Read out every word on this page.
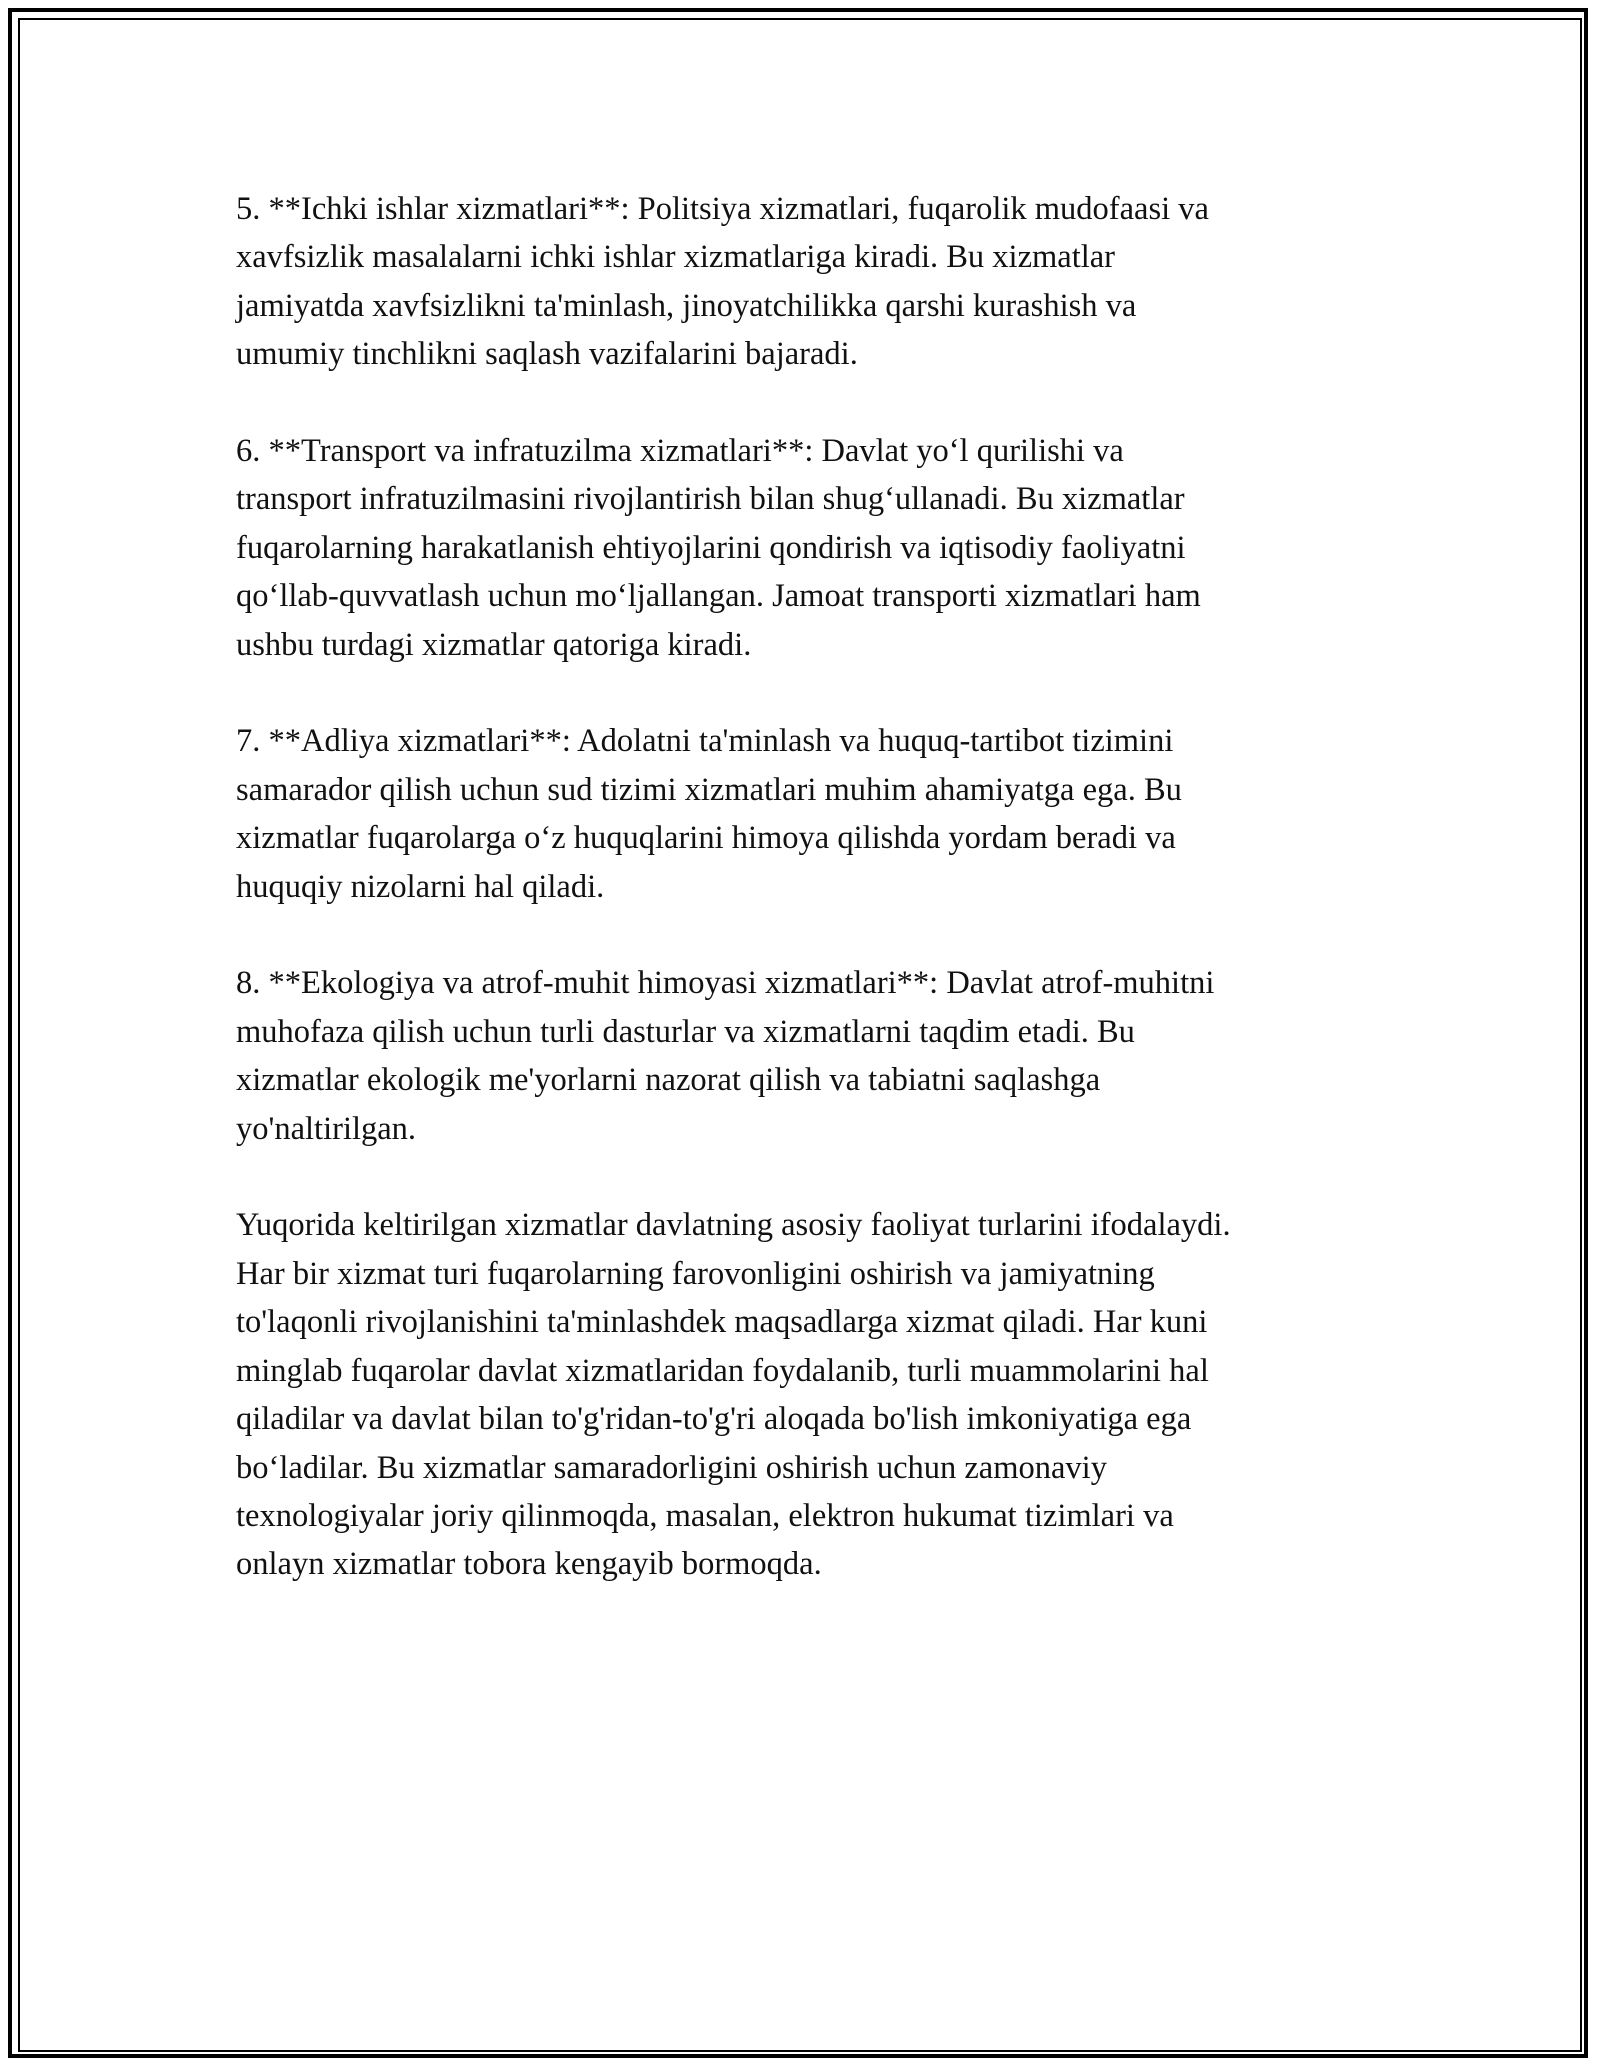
5. **Ichki ishlar xizmatlari**: Politsiya xizmatlari, fuqarolik mudofaasi va
xavfsizlik masalalarni ichki ishlar xizmatlariga kiradi. Bu xizmatlar
jamiyatda xavfsizlikni ta'minlash, jinoyatchilikka qarshi kurashish va
umumiy tinchlikni saqlash vazifalarini bajaradi.

6. **Transport va infratuzilma xizmatlari**: Davlat yo‘l qurilishi va
transport infratuzilmasini rivojlantirish bilan shug‘ullanadi. Bu xizmatlar
fuqarolarning harakatlanish ehtiyojlarini qondirish va iqtisodiy faoliyatni
qo‘llab-quvvatlash uchun mo‘ljallangan. Jamoat transporti xizmatlari ham
ushbu turdagi xizmatlar qatoriga kiradi.

7. **Adliya xizmatlari**: Adolatni ta'minlash va huquq-tartibot tizimini
samarador qilish uchun sud tizimi xizmatlari muhim ahamiyatga ega. Bu
xizmatlar fuqarolarga o‘z huquqlarini himoya qilishda yordam beradi va
huquqiy nizolarni hal qiladi.

8. **Ekologiya va atrof-muhit himoyasi xizmatlari**: Davlat atrof-muhitni
muhofaza qilish uchun turli dasturlar va xizmatlarni taqdim etadi. Bu
xizmatlar ekologik me'yorlarni nazorat qilish va tabiatni saqlashga
yo'naltirilgan.

Yuqorida keltirilgan xizmatlar davlatning asosiy faoliyat turlarini ifodalaydi.
Har bir xizmat turi fuqarolarning farovonligini oshirish va jamiyatning
to'laqonli rivojlanishini ta'minlashdek maqsadlarga xizmat qiladi. Har kuni
minglab fuqarolar davlat xizmatlaridan foydalanib, turli muammolarini hal
qiladilar va davlat bilan to'g'ridan-to'g'ri aloqada bo'lish imkoniyatiga ega
bo‘ladilar. Bu xizmatlar samaradorligini oshirish uchun zamonaviy
texnologiyalar joriy qilinmoqda, masalan, elektron hukumat tizimlari va
onlayn xizmatlar tobora kengayib bormoqda.
